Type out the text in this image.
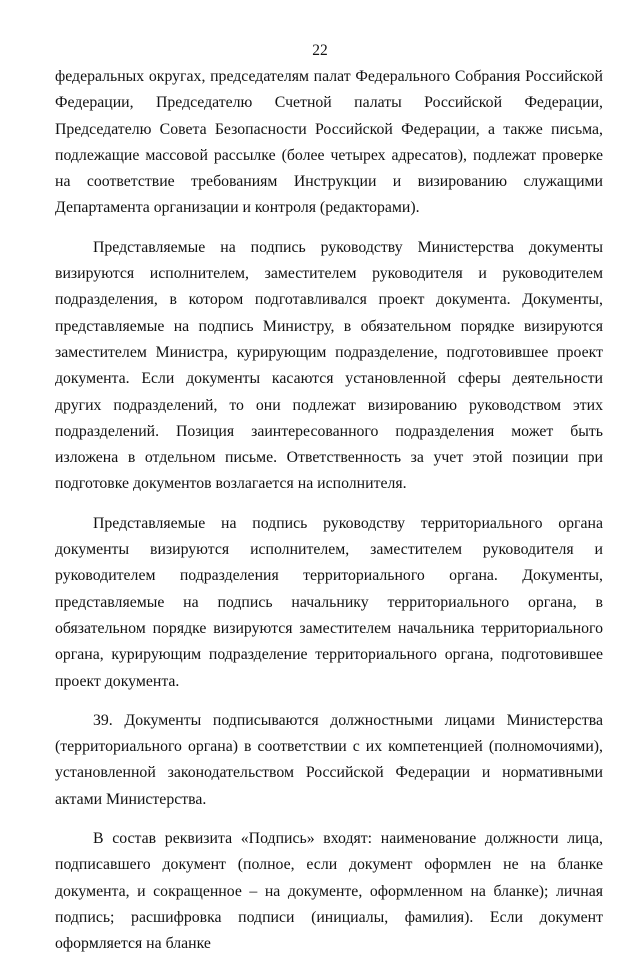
22

федеральных округах, председателям палат Федерального Собрания Российской Федерации, Председателю Счетной палаты Российской Федерации, Председателю Совета Безопасности Российской Федерации, а также письма, подлежащие массовой рассылке (более четырех адресатов), подлежат проверке на соответствие требованиям Инструкции и визированию служащими Департамента организации и контроля (редакторами).

Представляемые на подпись руководству Министерства документы визируются исполнителем, заместителем руководителя и руководителем подразделения, в котором подготавливался проект документа. Документы, представляемые на подпись Министру, в обязательном порядке визируются заместителем Министра, курирующим подразделение, подготовившее проект документа. Если документы касаются установленной сферы деятельности других подразделений, то они подлежат визированию руководством этих подразделений. Позиция заинтересованного подразделения может быть изложена в отдельном письме. Ответственность за учет этой позиции при подготовке документов возлагается на исполнителя.

Представляемые на подпись руководству территориального органа документы визируются исполнителем, заместителем руководителя и руководителем подразделения территориального органа. Документы, представляемые на подпись начальнику территориального органа, в обязательном порядке визируются заместителем начальника территориального органа, курирующим подразделение территориального органа, подготовившее проект документа.

39. Документы подписываются должностными лицами Министерства (территориального органа) в соответствии с их компетенцией (полномочиями), установленной законодательством Российской Федерации и нормативными актами Министерства.

В состав реквизита «Подпись» входят: наименование должности лица, подписавшего документ (полное, если документ оформлен не на бланке документа, и сокращенное – на документе, оформленном на бланке); личная подпись; расшифровка подписи (инициалы, фамилия). Если документ оформляется на бланке
